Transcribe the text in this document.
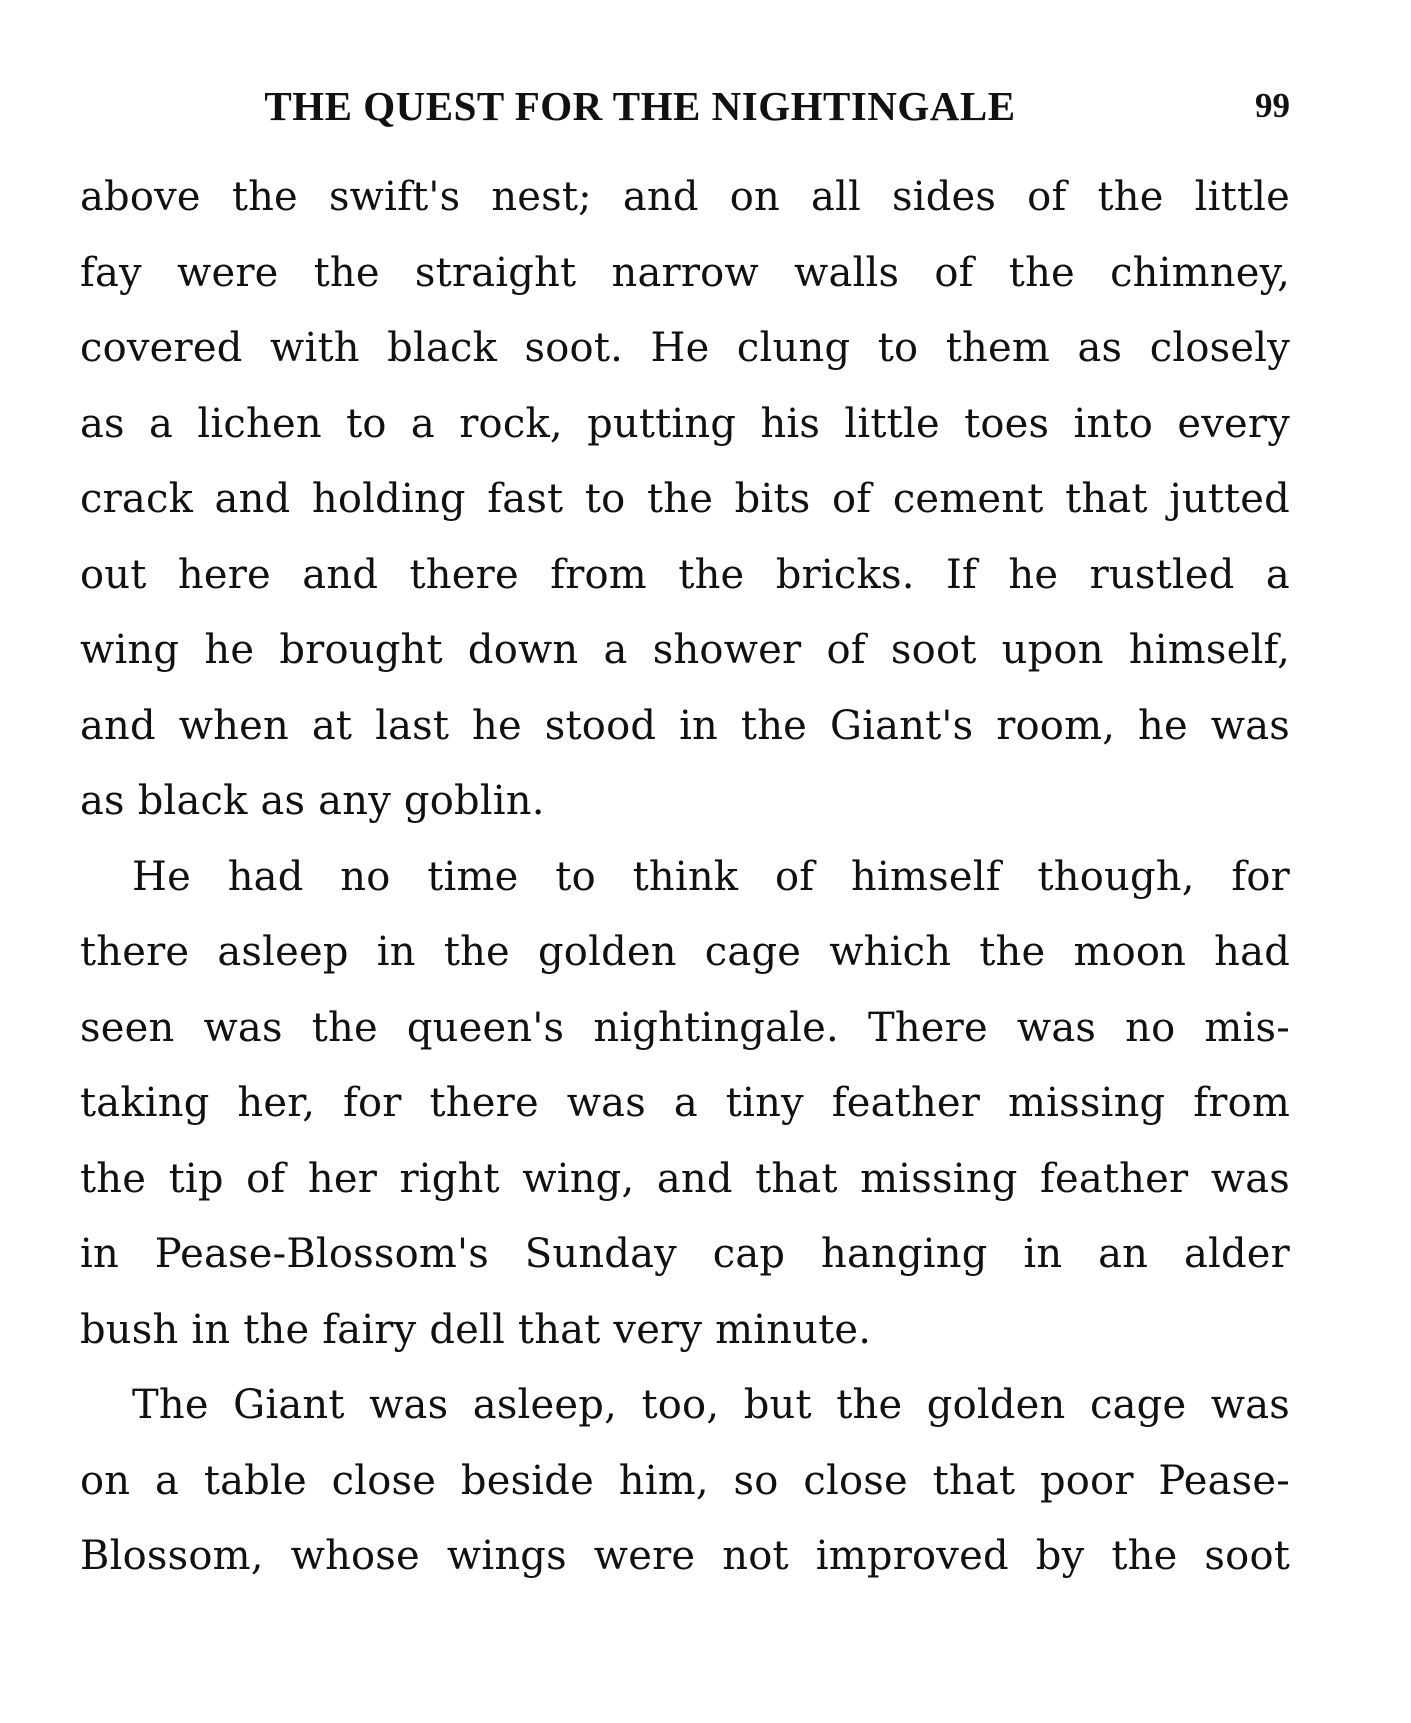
THE QUEST FOR THE NIGHTINGALE	99
above the swift's nest; and on all sides of the little
fay were the straight narrow walls of the chimney,
covered with black soot. He clung to them as closely
as a lichen to a rock, putting his little toes into every
crack and holding fast to the bits of cement that jutted
out here and there from the bricks. If he rustled a
wing he brought down a shower of soot upon himself,
and when at last he stood in the Giant's room, he was
as black as any goblin.
He had no time to think of himself though, for
there asleep in the golden cage which the moon had
seen was the queen's nightingale. There was no mis-
taking her, for there was a tiny feather missing from
the tip of her right wing, and that missing feather was
in Pease-Blossom's Sunday cap hanging in an alder
bush in the fairy dell that very minute.
The Giant was asleep, too, but the golden cage was
on a table close beside him, so close that poor Pease-
Blossom, whose wings were not improved by the soot
